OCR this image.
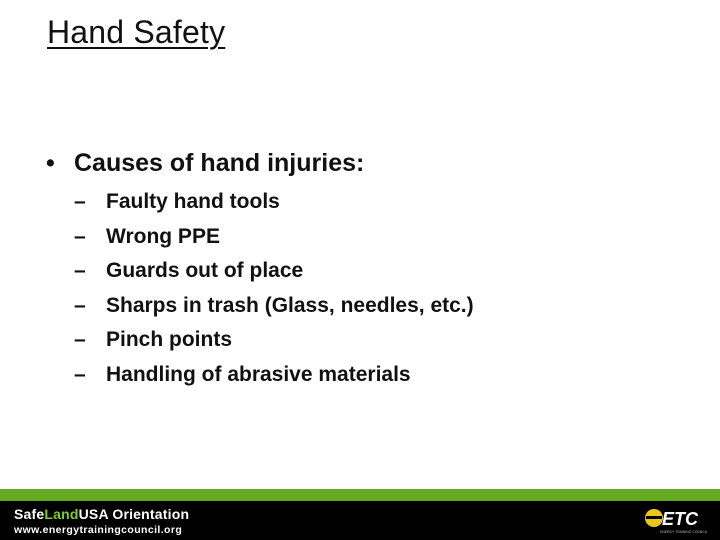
Hand Safety
• Causes of hand injuries:
– Faulty hand tools
– Wrong PPE
– Guards out of place
– Sharps in trash (Glass, needles, etc.)
– Pinch points
– Handling of abrasive materials
SafeLandUSA Orientation
www.energytrainingcouncil.org
ETC
ENERGY TRAINING COUNCIL
